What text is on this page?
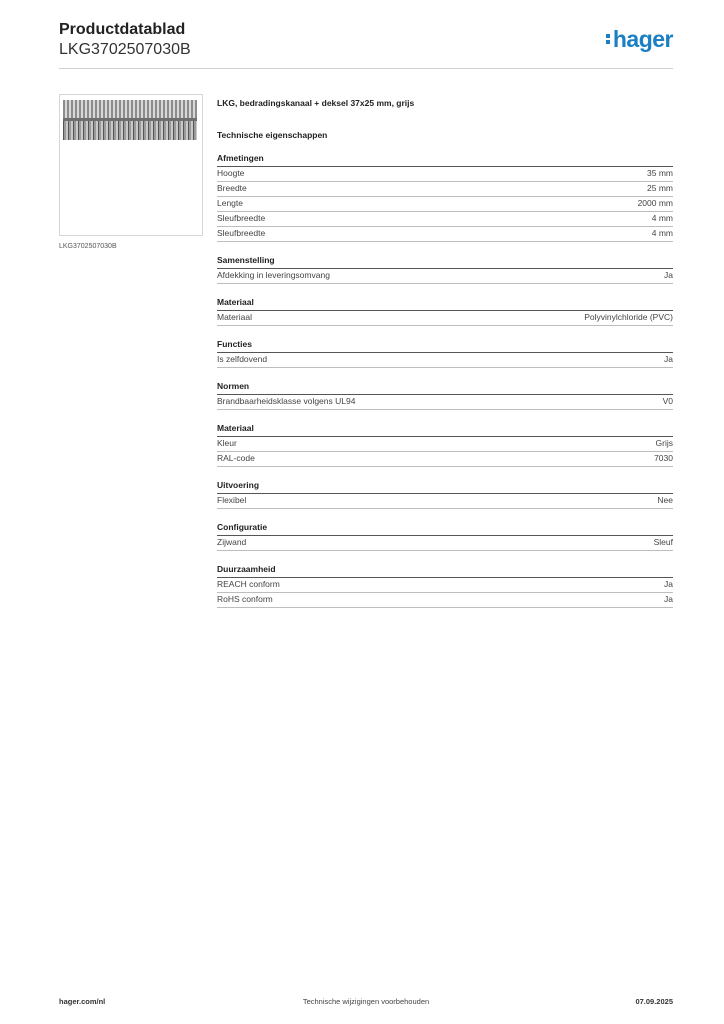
Productdatablad
LKG3702507030B	hager
LKG3702507030B
LKG, bedradingskanaal + deksel 37x25 mm, grijs
Technische eigenschappen
Afmetingen
Hoogte	35 mm
Breedte	25 mm
Lengte	2000 mm
Sleufbreedte	4 mm
Sleufbreedte	4 mm
Samenstelling
Afdekking in leveringsomvang	Ja
Materiaal
Materiaal	Polyvinylchloride (PVC)
Functies
Is zelfdovend	Ja
Normen
Brandbaarheidsklasse volgens UL94	V0
Materiaal
Kleur	Grijs
RAL-code	7030
Uitvoering
Flexibel	Nee
Configuratie
Zijwand	Sleuf
Duurzaamheid
REACH conform	Ja
RoHS conform	Ja
hager.com/nl	Technische wijzigingen voorbehouden	07.09.2025
